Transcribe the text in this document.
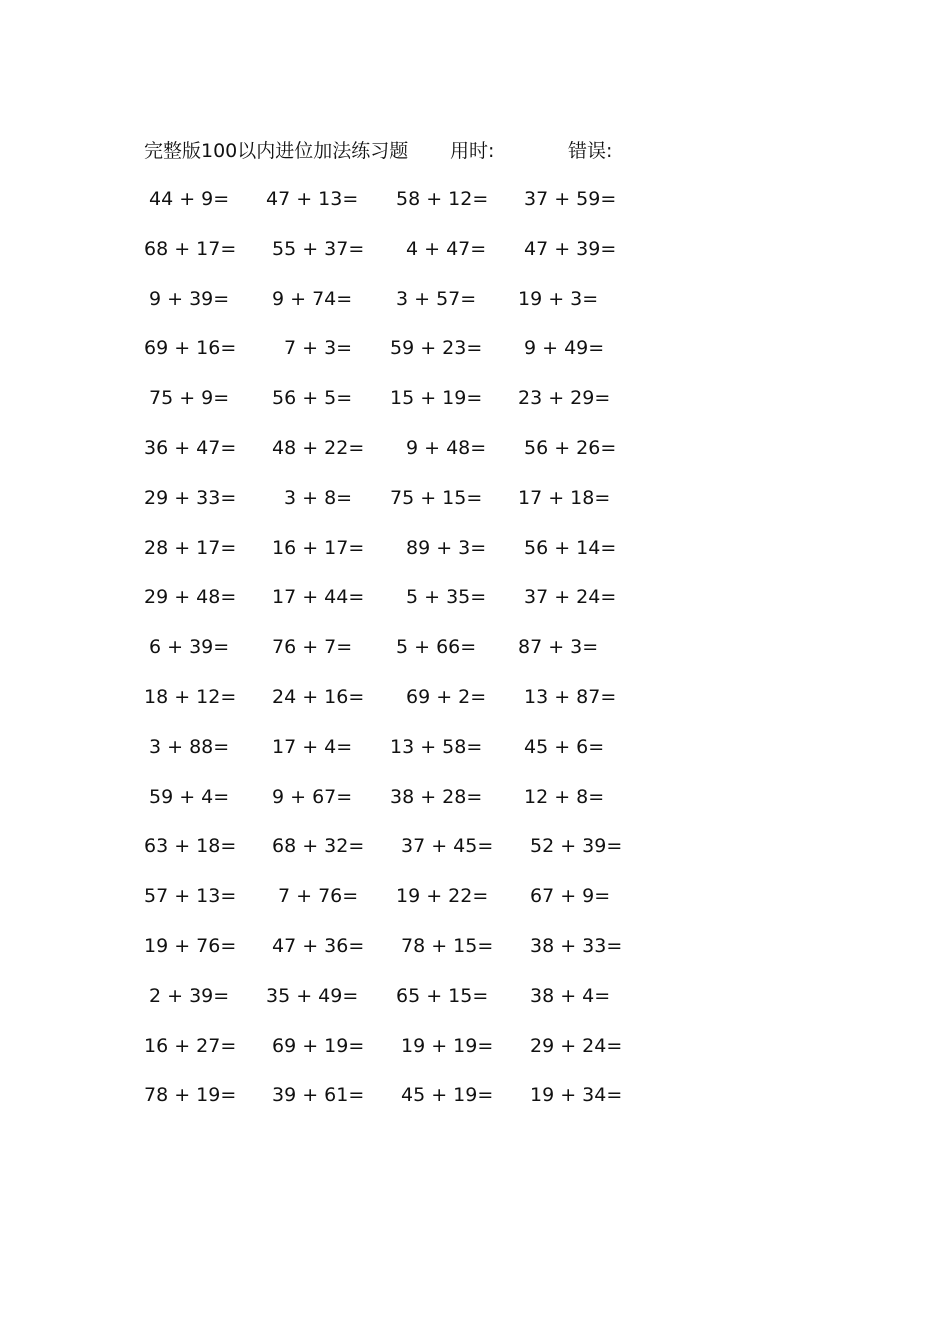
完整版100以内进位加法练习题 用时:	错误:
44 + 9= 47 + 13= 58 + 12= 37 + 59=
68 + 17= 55 + 37= 4 + 47= 47 + 39=
9 + 39= 9 + 74= 3 + 57= 19 + 3=
69 + 16=	7 + 3= 59 + 23= 9 + 49=
75 + 9= 56 + 5= 15 + 19= 23 + 29=
36 + 47= 48 + 22= 9 + 48= 56 + 26=
29 + 33=	3 + 8= 75 + 15= 17 + 18=
28 + 17= 16 + 17= 89 + 3= 56 + 14=
29 + 48= 17 + 44= 5 + 35= 37 + 24=
6 + 39= 76 + 7= 5 + 66= 87 + 3=
18 + 12= 24 + 16= 69 + 2= 13 + 87=
3 + 88= 17 + 4= 13 + 58= 45 + 6=
59 + 4= 9 + 67= 38 + 28= 12 + 8=
63 + 18= 68 + 32= 37 + 45= 52 + 39=
57 + 13= 7 + 76= 19 + 22= 67 + 9=
19 + 76= 47 + 36= 78 + 15= 38 + 33=
2 + 39= 35 + 49= 65 + 15= 38 + 4=
16 + 27= 69 + 19= 19 + 19= 29 + 24=
78 + 19= 39 + 61= 45 + 19= 19 + 34=
